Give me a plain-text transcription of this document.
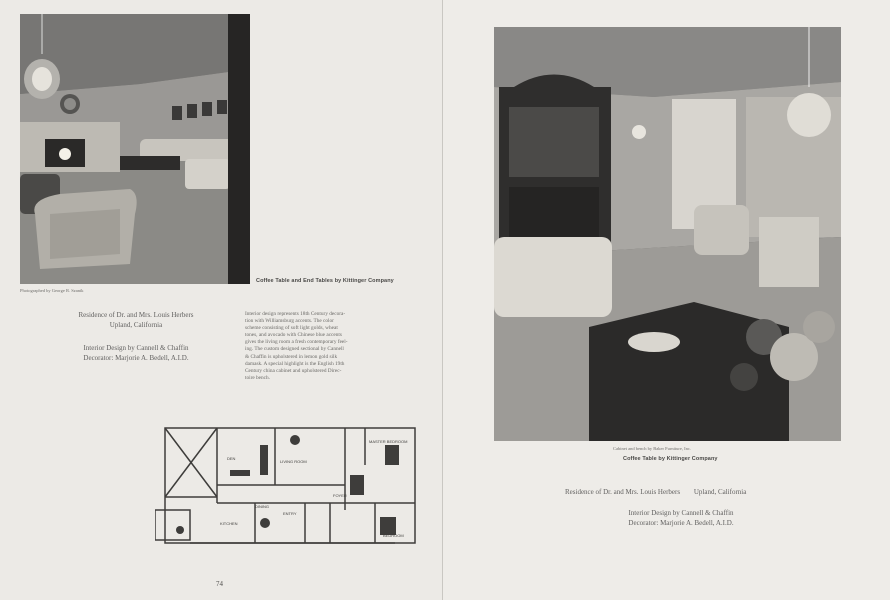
Photographed by George R. Szanik
Coffee Table and End Tables by Kittinger Company
Residence of Dr. and Mrs. Louis Herbers
Upland, California
Interior Design by Cannell & Chaffin
Decorator: Marjorie A. Bedell, A.I.D.
Interior design represents 18th Century decora-
tion with Williamsburg accents. The color
scheme consisting of soft light golds, wheat
tones, and avocado with Chinese blue accents
gives the living room a fresh contemporary feel-
ing. The custom designed sectional by Cannell
& Chaffin is upholstered in lemon gold silk
damask. A special highlight is the English 19th
Century china cabinet and upholstered Direc-
toire bench.
DEN
LIVING ROOM
MASTER BEDROOM
KITCHEN
DINING
ENTRY
FOYER
BEDROOM
74
Cabinet and bench by Baker Furniture, Inc.
Coffee Table by Kittinger Company
Residence of Dr. and Mrs. Louis Herbers Upland, California
Interior Design by Cannell & Chaffin
Decorator: Marjorie A. Bedell, A.I.D.
